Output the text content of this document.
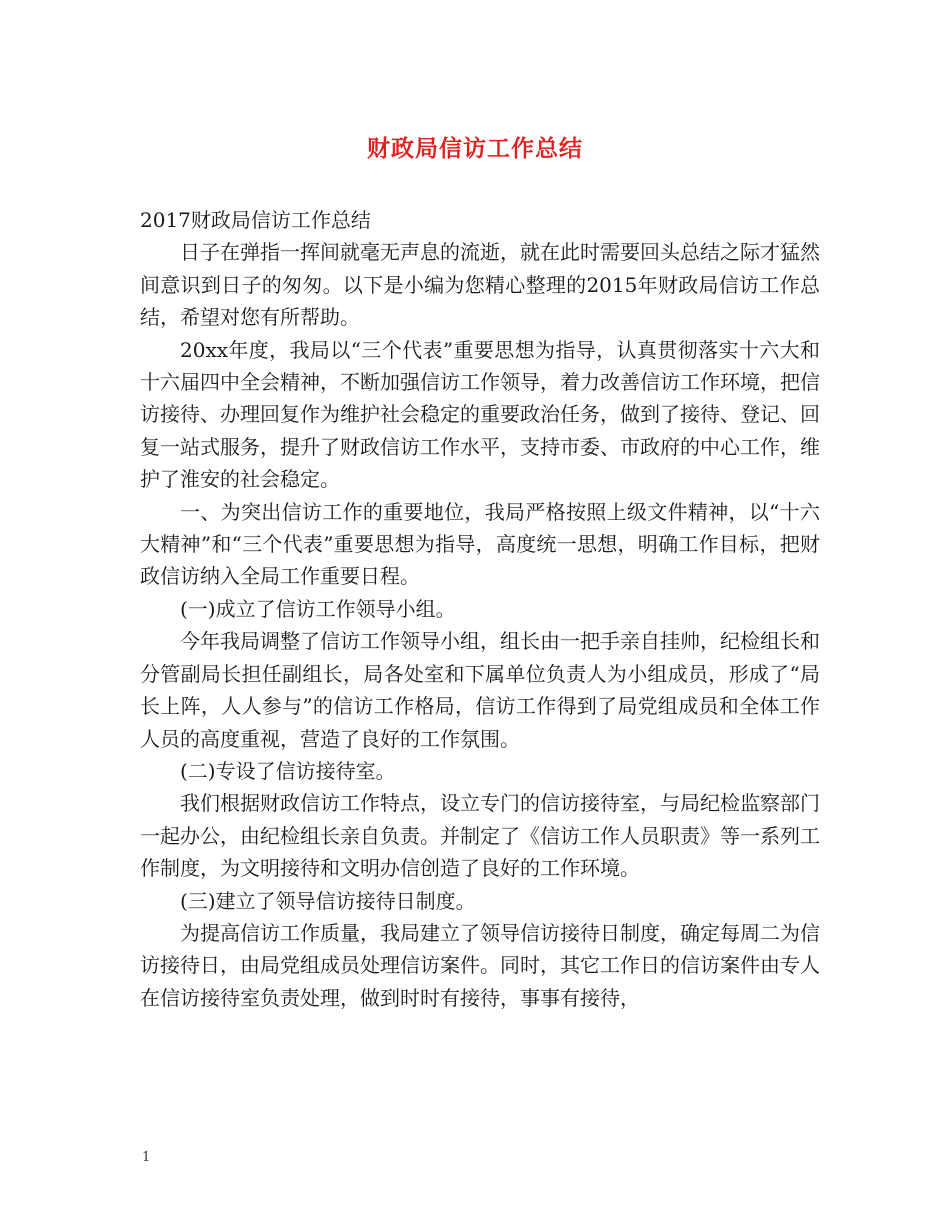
财政局信访工作总结

2017财政局信访工作总结

日子在弹指一挥间就毫无声息的流逝，就在此时需要回头总结之际才猛然间意识到日子的匆匆。以下是小编为您精心整理的2015年财政局信访工作总结，希望对您有所帮助。

20xx年度，我局以“三个代表”重要思想为指导，认真贯彻落实十六大和十六届四中全会精神，不断加强信访工作领导，着力改善信访工作环境，把信访接待、办理回复作为维护社会稳定的重要政治任务，做到了接待、登记、回复一站式服务，提升了财政信访工作水平，支持市委、市政府的中心工作，维护了淮安的社会稳定。

一、为突出信访工作的重要地位，我局严格按照上级文件精神，以“十六大精神”和“三个代表”重要思想为指导，高度统一思想，明确工作目标，把财政信访纳入全局工作重要日程。

(一)成立了信访工作领导小组。

今年我局调整了信访工作领导小组，组长由一把手亲自挂帅，纪检组长和分管副局长担任副组长，局各处室和下属单位负责人为小组成员，形成了“局长上阵，人人参与”的信访工作格局，信访工作得到了局党组成员和全体工作人员的高度重视，营造了良好的工作氛围。

(二)专设了信访接待室。

我们根据财政信访工作特点，设立专门的信访接待室，与局纪检监察部门一起办公，由纪检组长亲自负责。并制定了《信访工作人员职责》等一系列工作制度，为文明接待和文明办信创造了良好的工作环境。

(三)建立了领导信访接待日制度。

为提高信访工作质量，我局建立了领导信访接待日制度，确定每周二为信访接待日，由局党组成员处理信访案件。同时，其它工作日的信访案件由专人在信访接待室负责处理，做到时时有接待，事事有接待，

1
